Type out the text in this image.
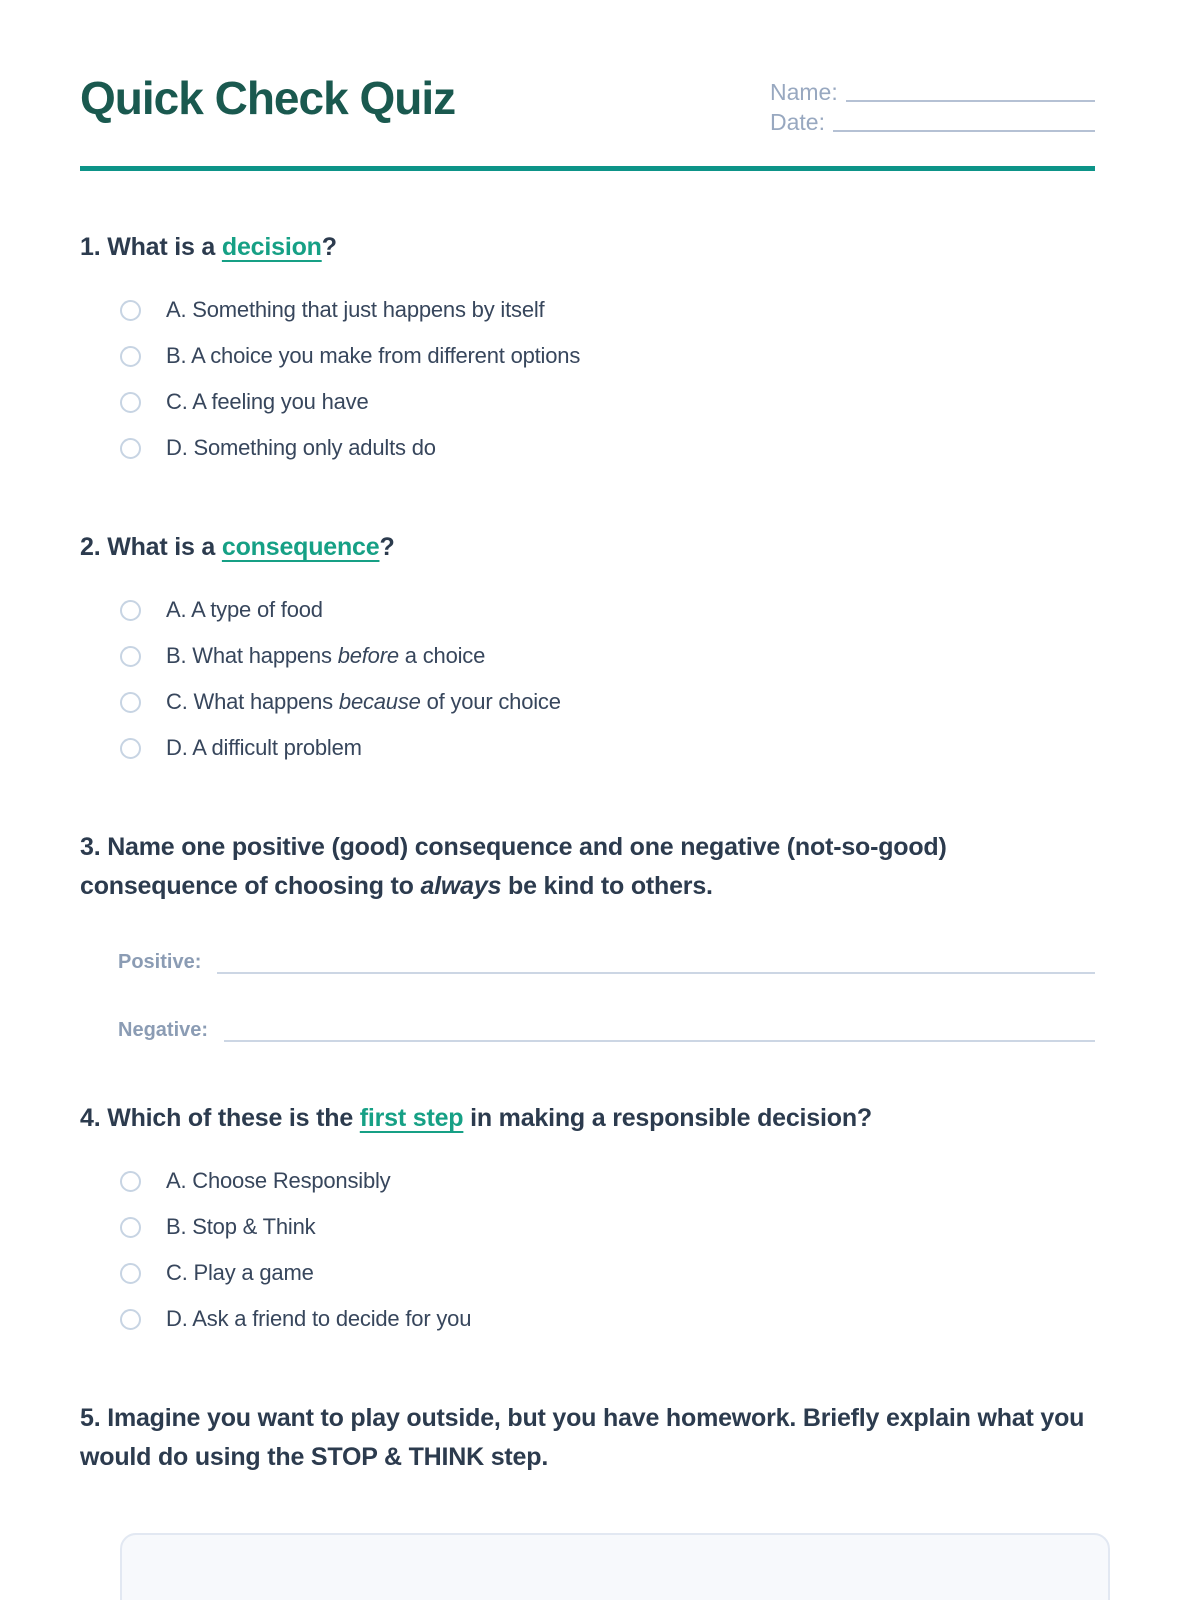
Quick Check Quiz	Name:
Date:
1. What is a decision?
A. Something that just happens by itself
B. A choice you make from different options
C. A feeling you have
D. Something only adults do
2. What is a consequence?
A. A type of food
B. What happens before a choice
C. What happens because of your choice
D. A difficult problem
3. Name one positive (good) consequence and one negative (not-so-good) consequence of choosing to always be kind to others.
Positive:
Negative:
4. Which of these is the first step in making a responsible decision?
A. Choose Responsibly
B. Stop & Think
C. Play a game
D. Ask a friend to decide for you
5. Imagine you want to play outside, but you have homework. Briefly explain what you would do using the STOP & THINK step.
